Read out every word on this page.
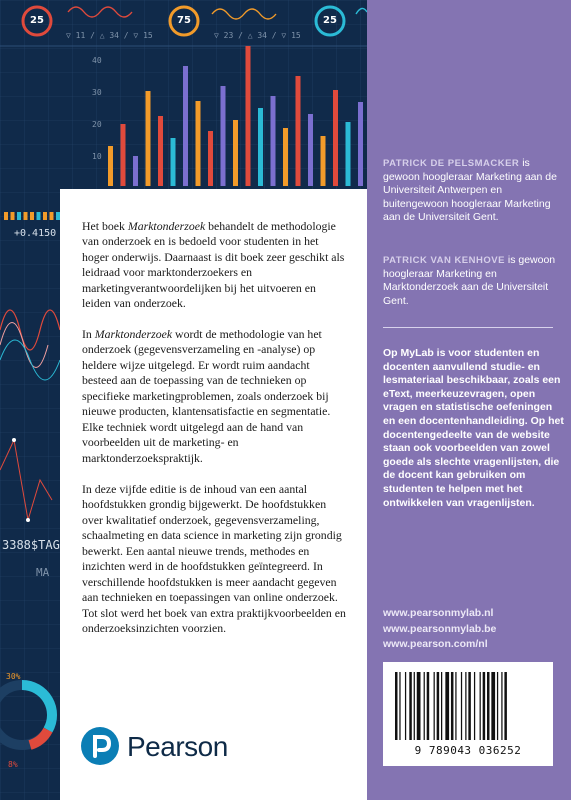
25	75	25
▽ 11 / △ 34 / ▽ 15	▽ 23 / △ 34 / ▽ 15
40
30
20
10
+0.4150
3388$TAG
MA
30%
8%
PATRICK DE PELSMACKER is gewoon hoogleraar Marketing aan de Universiteit Antwerpen en buitengewoon hoogleraar Marketing aan de Universiteit Gent.
PATRICK VAN KENHOVE is gewoon hoogleraar Marketing en Marktonderzoek aan de Universiteit Gent.
Op MyLab is voor studenten en docenten aanvullend studie- en lesmateriaal beschikbaar, zoals een eText, meerkeuzevragen, open vragen en statistische oefeningen en een docentenhandleiding. Op het docentengedeelte van de website staan ook voorbeelden van zowel goede als slechte vragenlijsten, die de docent kan gebruiken om studenten te helpen met het ontwikkelen van vragenlijsten.
www.pearsonmylab.nl
www.pearsonmylab.be
www.pearson.com/nl
9 789043 036252
Het boek Marktonderzoek behandelt de methodologie van onderzoek en is bedoeld voor studenten in het hoger onderwijs. Daarnaast is dit boek zeer geschikt als leidraad voor marktonderzoekers en marketingverantwoordelijken bij het uitvoeren en leiden van onderzoek.
In Marktonderzoek wordt de methodologie van het onderzoek (gegevensverzameling en -analyse) op heldere wijze uitgelegd. Er wordt ruim aandacht besteed aan de toepassing van de technieken op specifieke marketingproblemen, zoals onderzoek bij nieuwe producten, klantensatisfactie en segmentatie. Elke techniek wordt uitgelegd aan de hand van voorbeelden uit de marketing- en marktonderzoekspraktijk.
In deze vijfde editie is de inhoud van een aantal hoofdstukken grondig bijgewerkt. De hoofdstukken over kwalitatief onderzoek, gegevensverzameling, schaalmeting en data science in marketing zijn grondig bewerkt. Een aantal nieuwe trends, methodes en inzichten werd in de hoofdstukken geïntegreerd. In verschillende hoofdstukken is meer aandacht gegeven aan technieken en toepassingen van online onderzoek. Tot slot werd het boek van extra praktijkvoorbeelden en onderzoeksinzichten voorzien.
Pearson
